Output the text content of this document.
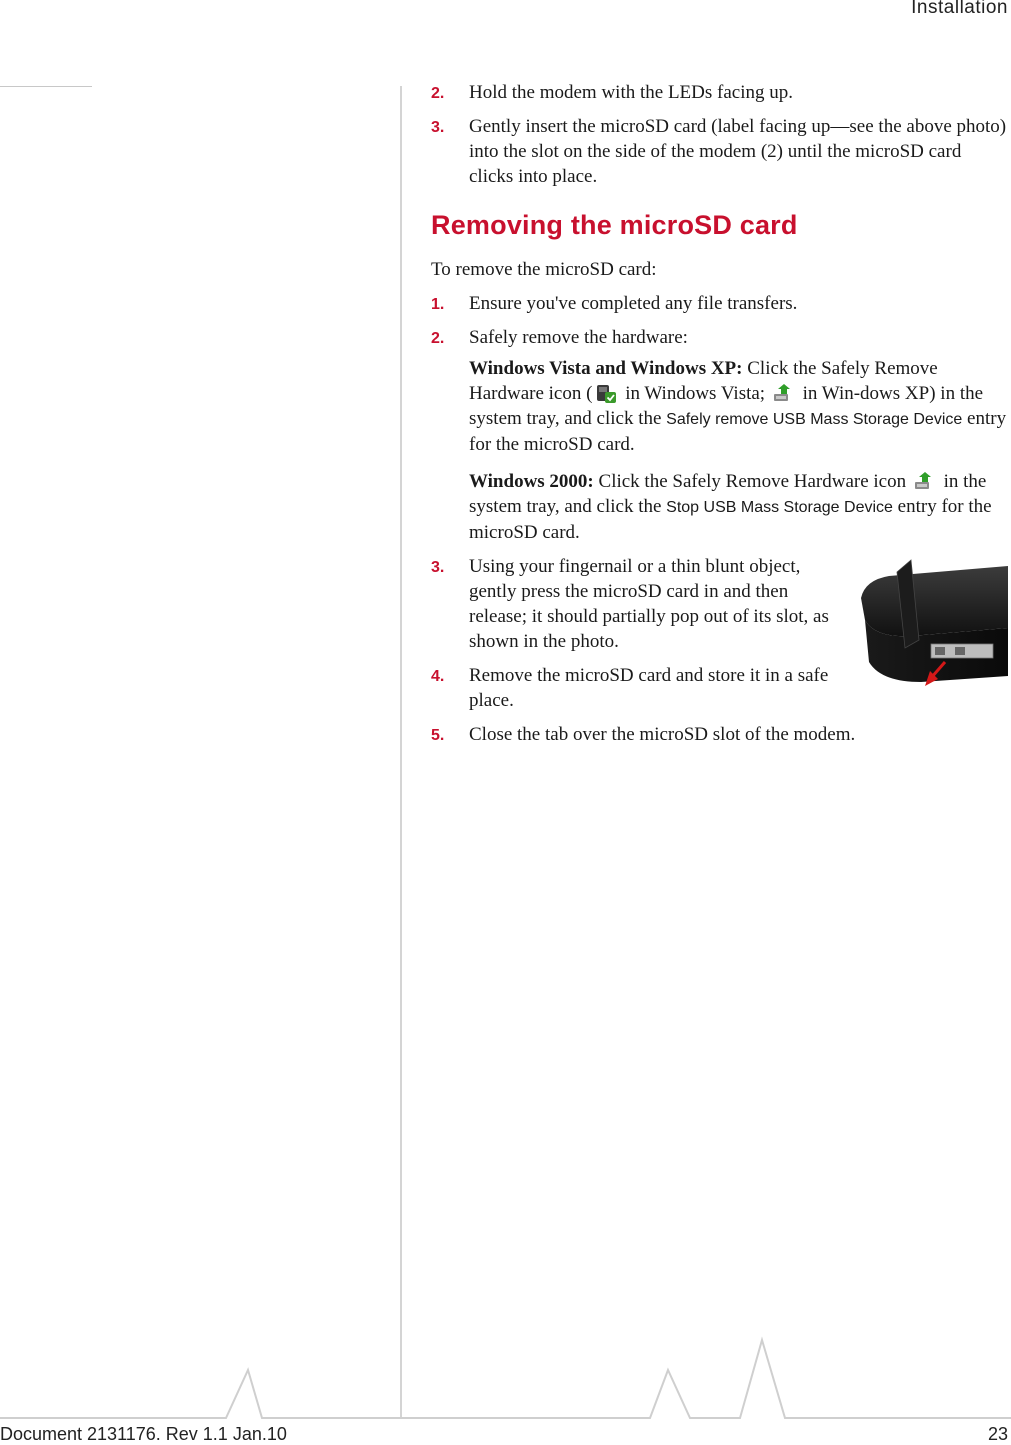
Installation
2. Hold the modem with the LEDs facing up.
3. Gently insert the microSD card (label facing up—see the above photo) into the slot on the side of the modem (2) until the microSD card clicks into place.
Removing the microSD card
To remove the microSD card:
1. Ensure you've completed any file transfers.
2. Safely remove the hardware:
Windows Vista and Windows XP: Click the Safely Remove Hardware icon ( in Windows Vista; in Win-dows XP) in the system tray, and click the Safely remove USB Mass Storage Device entry for the microSD card.
Windows 2000: Click the Safely Remove Hardware icon in the system tray, and click the Stop USB Mass Storage Device entry for the microSD card.
3. Using your fingernail or a thin blunt object, gently press the microSD card in and then release; it should partially pop out of its slot, as shown in the photo.
4. Remove the microSD card and store it in a safe place.
5. Close the tab over the microSD slot of the modem.
Document 2131176. Rev 1.1 Jan.10	23
